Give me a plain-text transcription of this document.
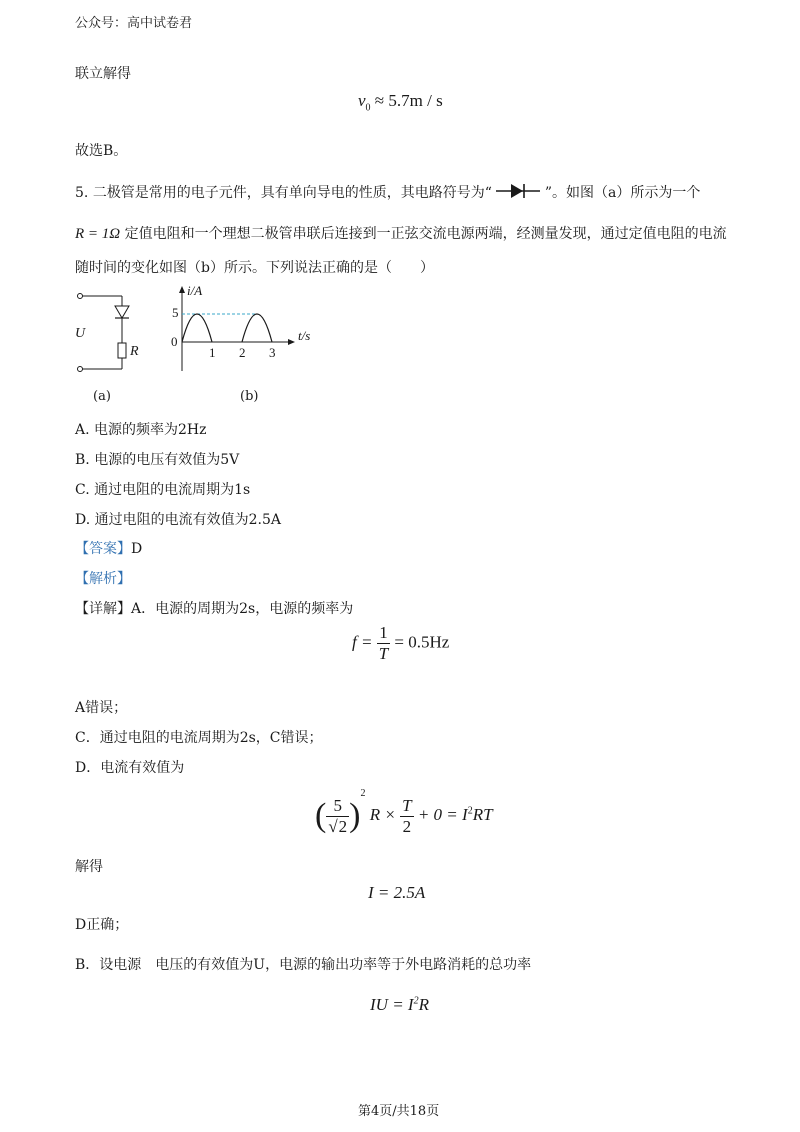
公众号：高中试卷君
联立解得
$v_0 \approx 5.7m / s$
故选B。
5. 二极管是常用的电子元件，具有单向导电的性质，其电路符号为“	”。如图（a）所示为一个
R = 1Ω 定值电阻和一个理想二极管串联后连接到一正弦交流电源两端，经测量发现，通过定值电阻的电流
随时间的变化如图（b）所示。下列说法正确的是（　　）
U
R
(a)
i/A
t/s
5
0
1 2 3
(b)
A. 电源的频率为2Hz
B. 电源的电压有效值为5V
C. 通过电阻的电流周期为1s
D. 通过电阻的电流有效值为2.5A
【答案】D
【解析】
【详解】A．电源的周期为2s，电源的频率为
$f = \frac{1}{T} = 0.5Hz$
A错误；
C．通过电阻的电流周期为2s，C错误；
D．电流有效值为
( $\frac{5}{√2} )^2$ $R \times \frac{T}{2} + 0 = I^2RT$
解得
I = 2.5A
D正确；
B．设电源　电压的有效值为U，电源的输出功率等于外电路消耗的总功率
IU = $I^2R$
第4页/共18页
